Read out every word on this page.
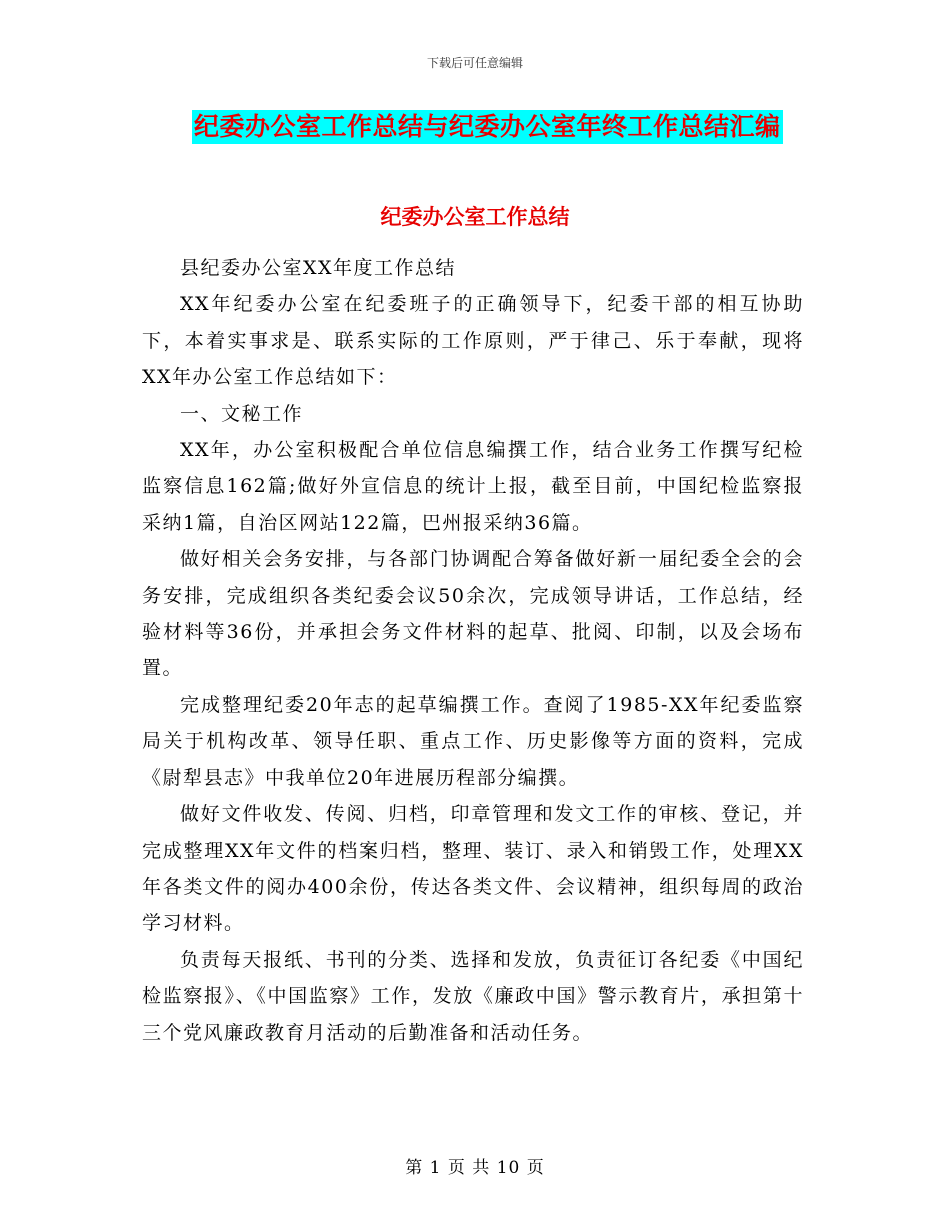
下载后可任意编辑
纪委办公室工作总结与纪委办公室年终工作总结汇编
纪委办公室工作总结

县纪委办公室XX年度工作总结

XX年纪委办公室在纪委班子的正确领导下，纪委干部的相互协助下，本着实事求是、联系实际的工作原则，严于律己、乐于奉献，现将XX年办公室工作总结如下：

一、文秘工作

XX年，办公室积极配合单位信息编撰工作，结合业务工作撰写纪检监察信息162篇;做好外宣信息的统计上报，截至目前，中国纪检监察报采纳1篇，自治区网站122篇，巴州报采纳36篇。

做好相关会务安排，与各部门协调配合筹备做好新一届纪委全会的会务安排，完成组织各类纪委会议50余次，完成领导讲话，工作总结，经验材料等36份，并承担会务文件材料的起草、批阅、印制，以及会场布置。

完成整理纪委20年志的起草编撰工作。查阅了1985-XX年纪委监察局关于机构改革、领导任职、重点工作、历史影像等方面的资料，完成《尉犁县志》中我单位20年进展历程部分编撰。

做好文件收发、传阅、归档，印章管理和发文工作的审核、登记，并完成整理XX年文件的档案归档，整理、装订、录入和销毁工作，处理XX年各类文件的阅办400余份，传达各类文件、会议精神，组织每周的政治学习材料。

负责每天报纸、书刊的分类、选择和发放，负责征订各纪委《中国纪检监察报》、《中国监察》工作，发放《廉政中国》警示教育片，承担第十三个党风廉政教育月活动的后勤准备和活动任务。

第 1 页 共 10 页
